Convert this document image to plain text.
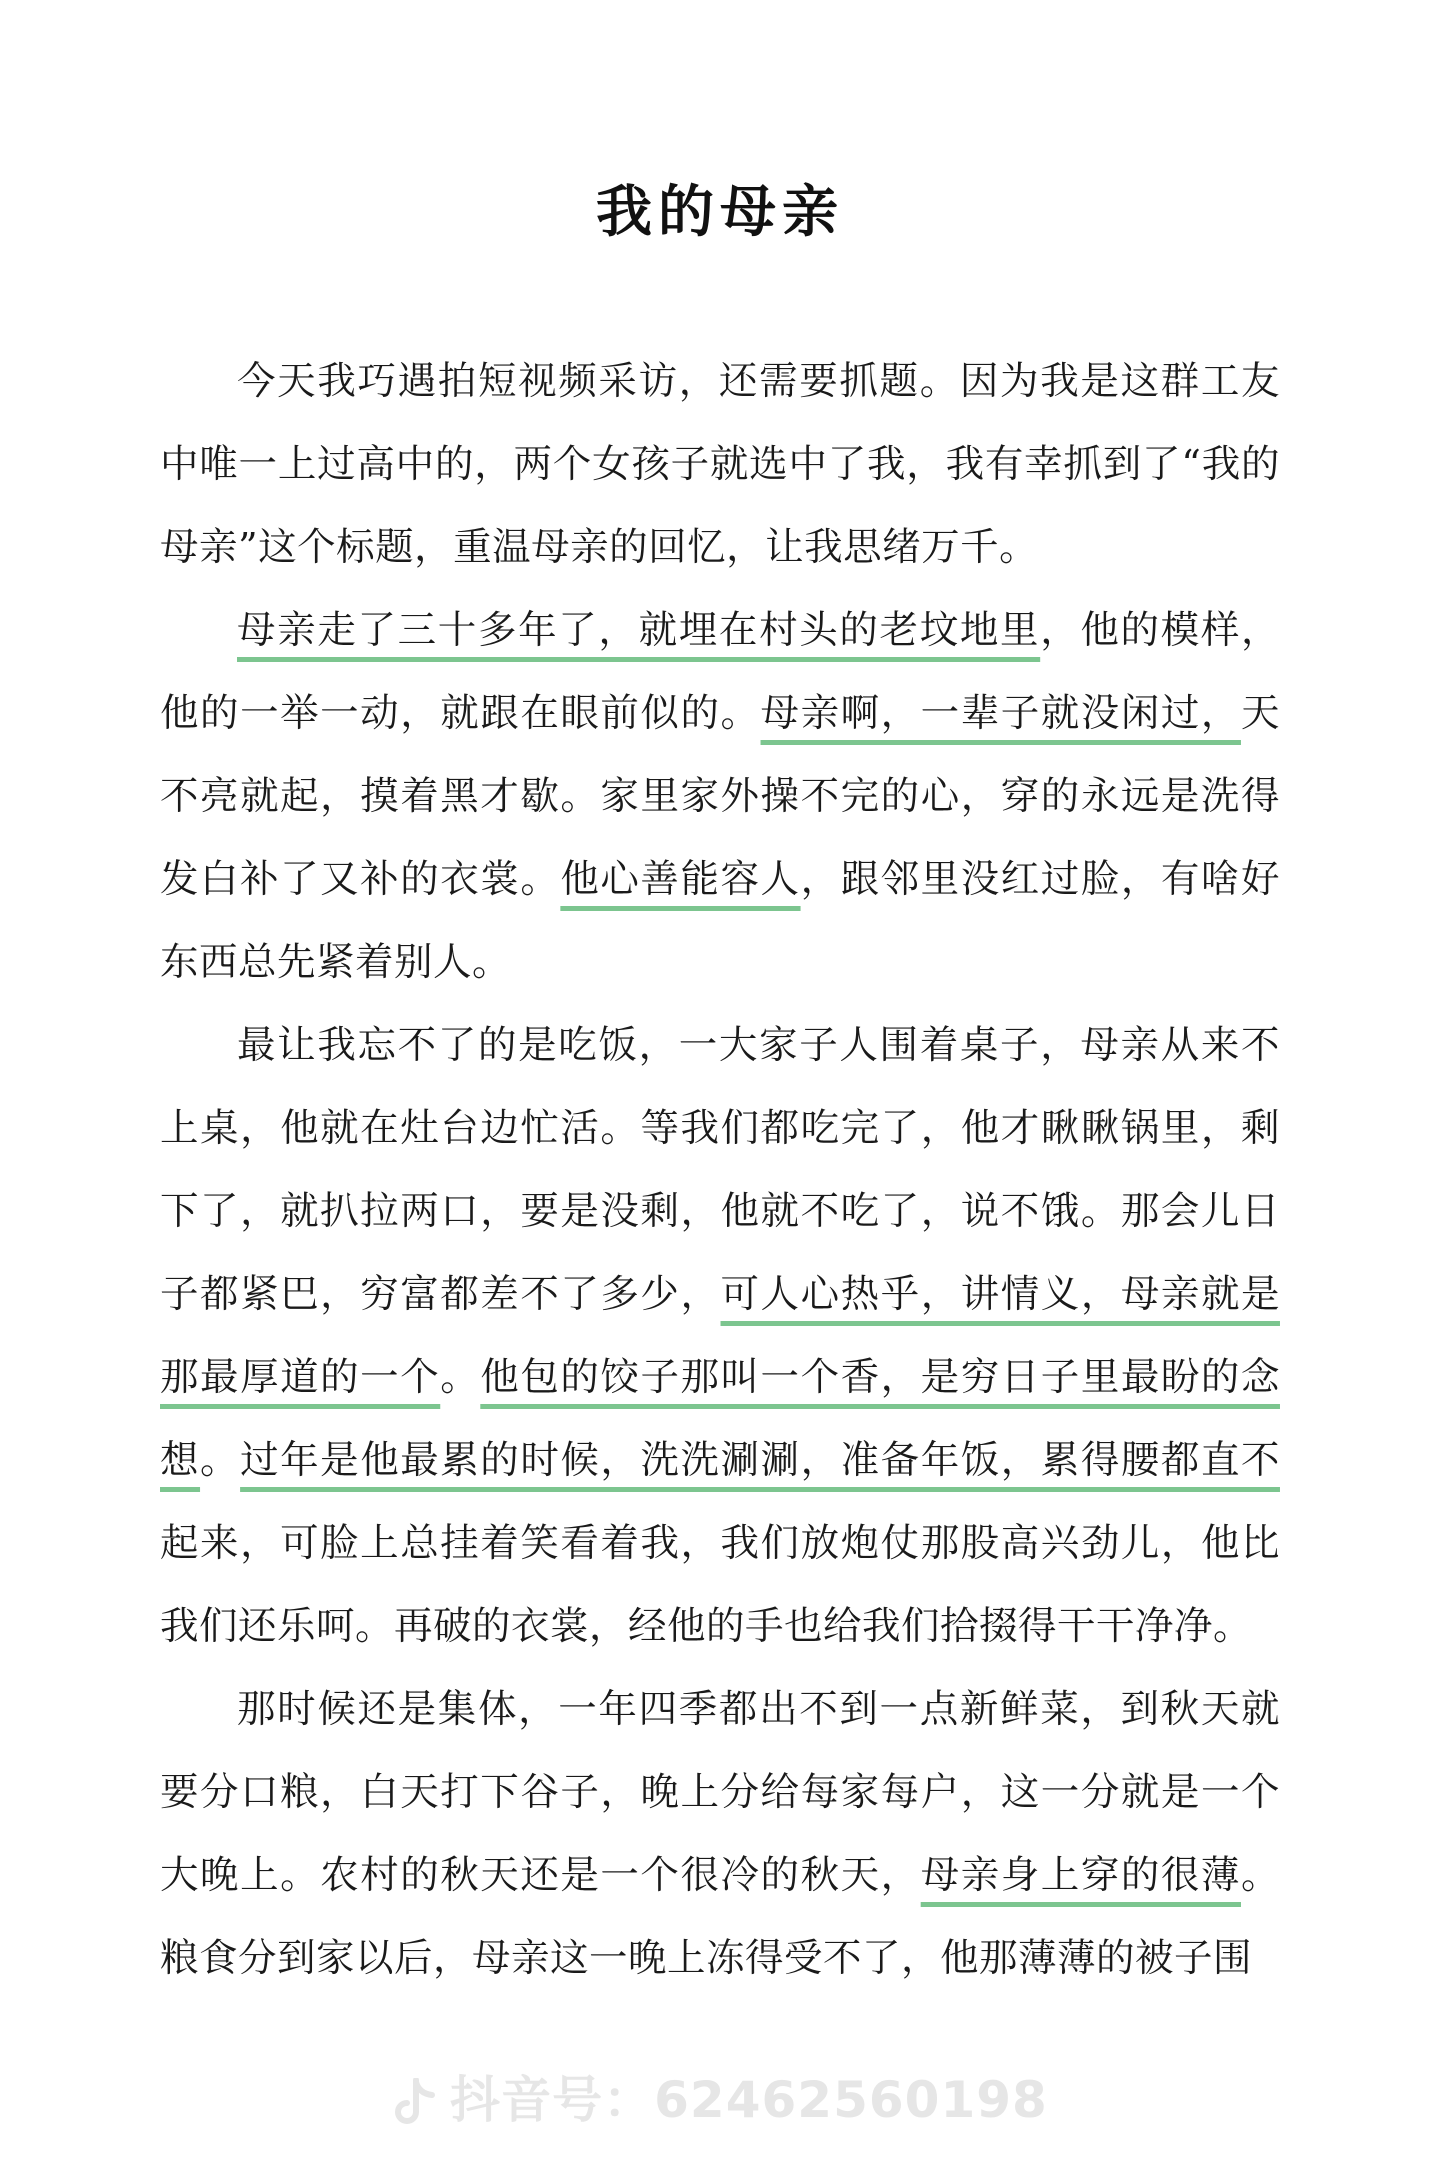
我的母亲

今天我巧遇拍短视频采访，还需要抓题。因为我是这群工友中唯一上过高中的，两个女孩子就选中了我，我有幸抓到了“我的母亲”这个标题，重温母亲的回忆，让我思绪万千。

母亲走了三十多年了，就埋在村头的老坟地里，他的模样，他的一举一动，就跟在眼前似的。母亲啊，一辈子就没闲过，天不亮就起，摸着黑才歇。家里家外操不完的心，穿的永远是洗得发白补了又补的衣裳。他心善能容人，跟邻里没红过脸，有啥好东西总先紧着别人。

最让我忘不了的是吃饭，一大家子人围着桌子，母亲从来不上桌，他就在灶台边忙活。等我们都吃完了，他才瞅瞅锅里，剩下了，就扒拉两口，要是没剩，他就不吃了，说不饿。那会儿日子都紧巴，穷富都差不了多少，可人心热乎，讲情义，母亲就是那最厚道的一个。他包的饺子那叫一个香，是穷日子里最盼的念想。过年是他最累的时候，洗洗涮涮，准备年饭，累得腰都直不起来，可脸上总挂着笑看着我，我们放炮仗那股高兴劲儿，他比我们还乐呵。再破的衣裳，经他的手也给我们拾掇得干干净净。

那时候还是集体，一年四季都出不到一点新鲜菜，到秋天就要分口粮，白天打下谷子，晚上分给每家每户，这一分就是一个大晚上。农村的秋天还是一个很冷的秋天，母亲身上穿的很薄。粮食分到家以后，母亲这一晚上冻得受不了，他那薄薄的被子围

抖音号：62462560198
